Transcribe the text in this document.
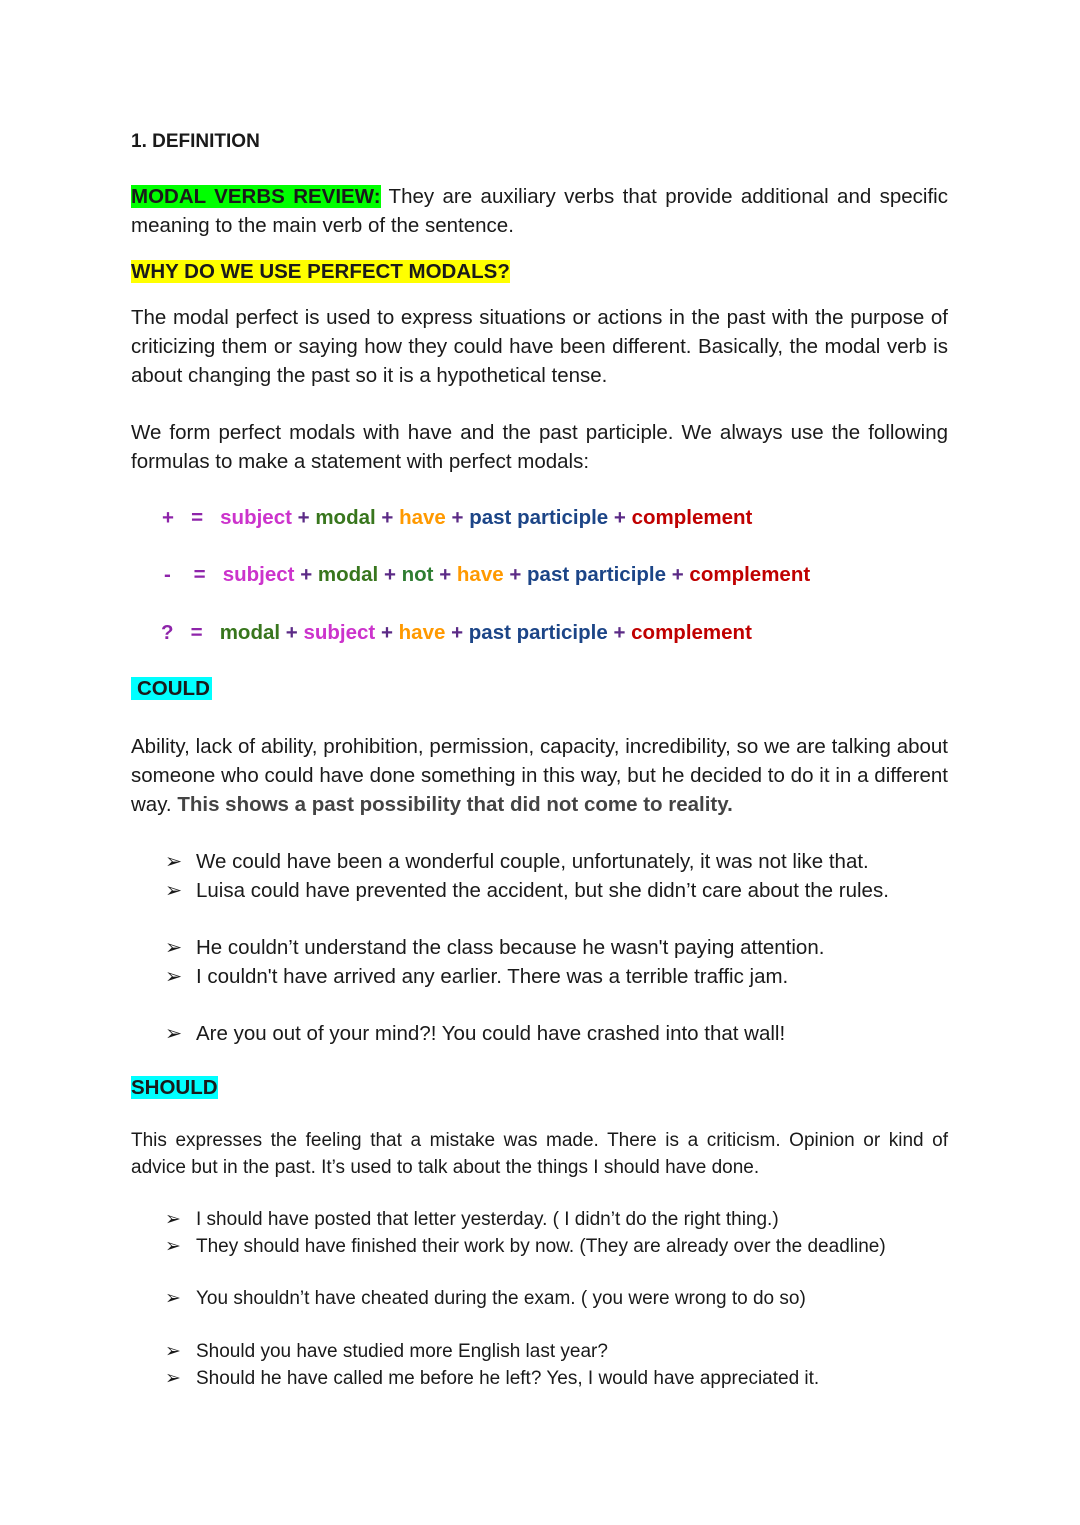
1. DEFINITION
MODAL VERBS REVIEW: They are auxiliary verbs that provide additional and specific meaning to the main verb of the sentence.
WHY DO WE USE PERFECT MODALS?
The modal perfect is used to express situations or actions in the past with the purpose of criticizing them or saying how they could have been different. Basically, the modal verb is about changing the past so it is a hypothetical tense.
We form perfect modals with have and the past participle. We always use the following formulas to make a statement with perfect modals:
+ = subject + modal + have + past participle + complement
- = subject + modal + not + have + past participle + complement
? = modal + subject + have + past participle + complement
COULD
Ability, lack of ability, prohibition, permission, capacity, incredibility, so we are talking about someone who could have done something in this way, but he decided to do it in a different way. This shows a past possibility that did not come to reality.
➢ We could have been a wonderful couple, unfortunately, it was not like that.
➢ Luisa could have prevented the accident, but she didn’t care about the rules.
➢ He couldn’t understand the class because he wasn't paying attention.
➢ I couldn't have arrived any earlier. There was a terrible traffic jam.
➢ Are you out of your mind?! You could have crashed into that wall!
SHOULD
This expresses the feeling that a mistake was made. There is a criticism. Opinion or kind of advice but in the past. It’s used to talk about the things I should have done.
➢ I should have posted that letter yesterday. ( I didn’t do the right thing.)
➢ They should have finished their work by now. (They are already over the deadline)
➢ You shouldn’t have cheated during the exam. ( you were wrong to do so)
➢ Should you have studied more English last year?
➢ Should he have called me before he left? Yes, I would have appreciated it.
